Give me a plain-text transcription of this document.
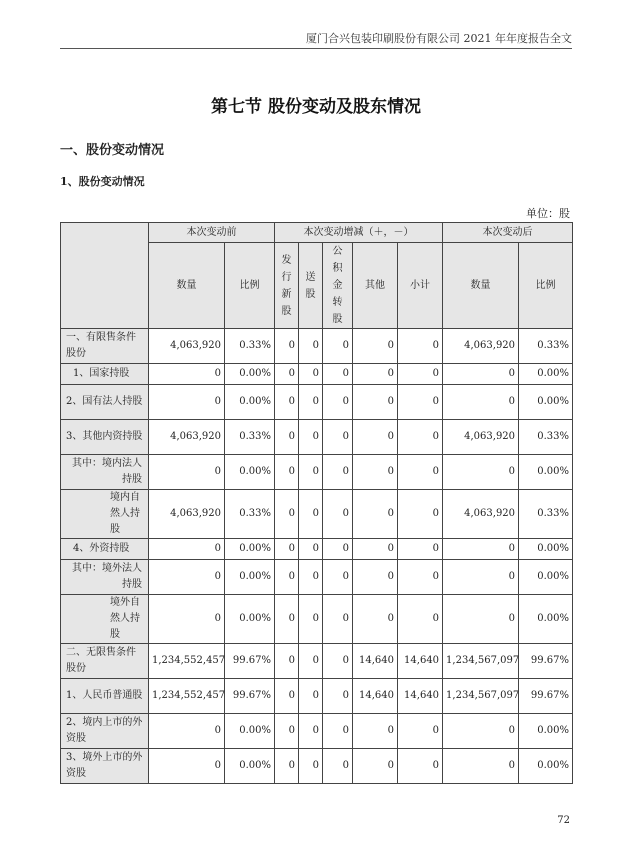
厦门合兴包装印刷股份有限公司 2021 年年度报告全文
第七节 股份变动及股东情况
一、股份变动情况
1、股份变动情况
单位：股
	本次变动前		本次变动增减（＋，－）					本次变动后	
	数量	比例	发
行
新
股	送
股	公
积
金
转
股	其他	小计	数量	比例
一、有限售条件股份	4,063,920	0.33%	0	0	0	0	0	4,063,920	0.33%
1、国家持股	0	0.00%	0	0	0	0	0	0	0.00%
2、国有法人持股	0	0.00%	0	0	0	0	0	0	0.00%
3、其他内资持股	4,063,920	0.33%	0	0	0	0	0	4,063,920	0.33%
其中：境内法人持股	0	0.00%	0	0	0	0	0	0	0.00%
境内自然人持股	4,063,920	0.33%	0	0	0	0	0	4,063,920	0.33%
4、外资持股	0	0.00%	0	0	0	0	0	0	0.00%
其中：境外法人持股	0	0.00%	0	0	0	0	0	0	0.00%
境外自然人持股	0	0.00%	0	0	0	0	0	0	0.00%
二、无限售条件股份	1,234,552,457	99.67%	0	0	0	14,640	14,640	1,234,567,097	99.67%
1、人民币普通股	1,234,552,457	99.67%	0	0	0	14,640	14,640	1,234,567,097	99.67%
2、境内上市的外资股	0	0.00%	0	0	0	0	0	0	0.00%
3、境外上市的外资股	0	0.00%	0	0	0	0	0	0	0.00%
72
